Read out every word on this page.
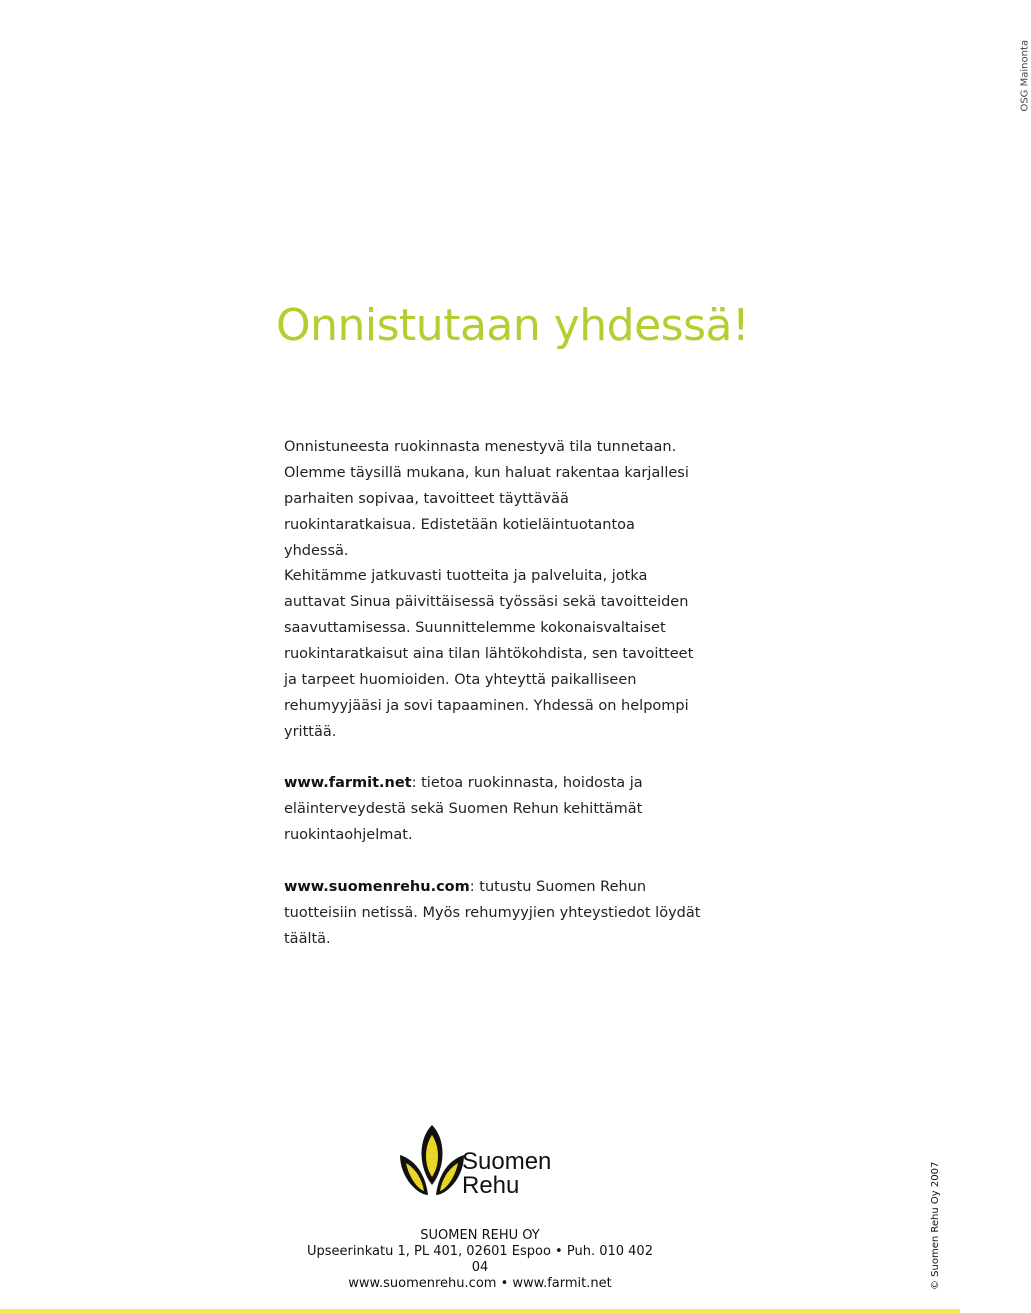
OSG Mainonta
Onnistutaan yhdessä!

Onnistuneesta ruokinnasta menestyvä tila tunnetaan. Olemme täysillä mukana, kun haluat rakentaa karjallesi parhaiten sopivaa, tavoitteet täyttävää ruokintaratkaisua. Edistetään kotieläintuotantoa yhdessä.

Kehitämme jatkuvasti tuotteita ja palveluita, jotka auttavat Sinua päivittäisessä työssäsi sekä tavoitteiden saavuttamisessa. Suunnittelemme kokonaisvaltaiset ruokintaratkaisut aina tilan lähtökohdista, sen tavoitteet ja tarpeet huomioiden. Ota yhteyttä paikalliseen rehumyyjääsi ja sovi tapaaminen. Yhdessä on helpompi yrittää.

www.farmit.net: tietoa ruokinnasta, hoidosta ja eläinterveydestä sekä Suomen Rehun kehittämät ruokintaohjelmat.

www.suomenrehu.com: tutustu Suomen Rehun tuotteisiin netissä. Myös rehumyyjien yhteystiedot löydät täältä.

Suomen
Rehu
SUOMEN REHU OY
Upseerinkatu 1, PL 401, 02601 Espoo • Puh. 010 402 04
www.suomenrehu.com • www.farmit.net	© Suomen Rehu Oy 2007
